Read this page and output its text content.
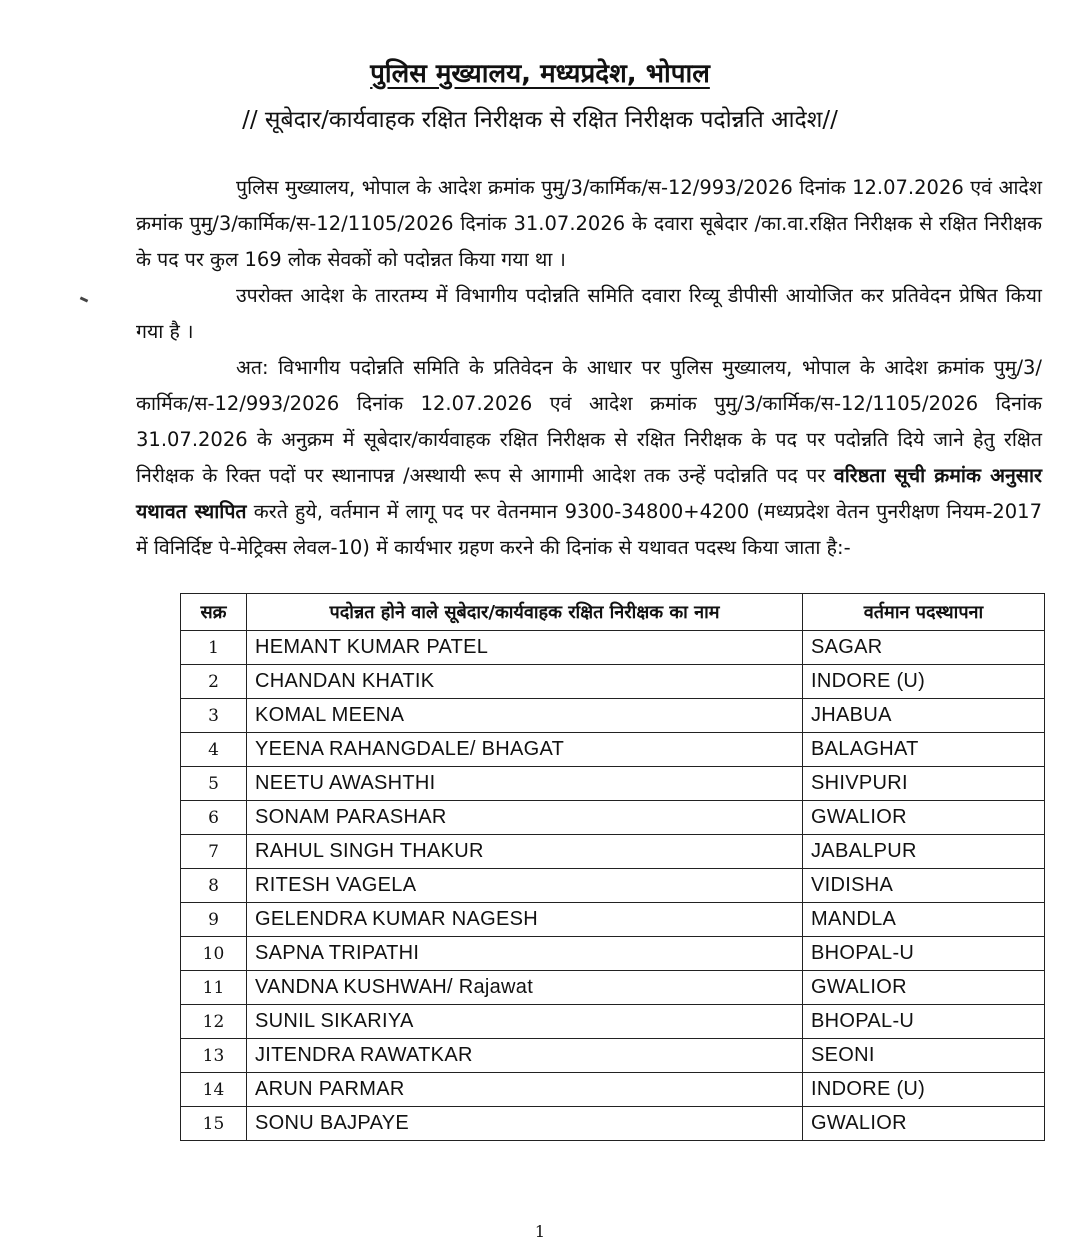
पुलिस मुख्यालय, मध्यप्रदेश, भोपाल
// सूबेदार/कार्यवाहक रक्षित निरीक्षक से रक्षित निरीक्षक पदोन्नति आदेश//

पुलिस मुख्यालय, भोपाल के आदेश क्रमांक पुमु/3/कार्मिक/स-12/993/2026 दिनांक 12.07.2026 एवं आदेश क्रमांक पुमु/3/कार्मिक/स-12/1105/2026 दिनांक 31.07.2026 के दवारा सूबेदार /का.वा.रक्षित निरीक्षक से रक्षित निरीक्षक के पद पर कुल 169 लोक सेवकों को पदोन्नत किया गया था ।

उपरोक्त आदेश के तारतम्य में विभागीय पदोन्नति समिति दवारा रिव्यू डीपीसी आयोजित कर प्रतिवेदन प्रेषित किया गया है ।

अत: विभागीय पदोन्नति समिति के प्रतिवेदन के आधार पर पुलिस मुख्यालय, भोपाल के आदेश क्रमांक पुमु/3/कार्मिक/स-12/993/2026 दिनांक 12.07.2026 एवं आदेश क्रमांक पुमु/3/कार्मिक/स-12/1105/2026 दिनांक 31.07.2026 के अनुक्रम में सूबेदार/कार्यवाहक रक्षित निरीक्षक से रक्षित निरीक्षक के पद पर पदोन्नति दिये जाने हेतु रक्षित निरीक्षक के रिक्त पदों पर स्थानापन्न /अस्थायी रूप से आगामी आदेश तक उन्हें पदोन्नति पद पर वरिष्ठता सूची क्रमांक अनुसार यथावत स्थापित करते हुये, वर्तमान में लागू पद पर वेतनमान 9300-34800+4200 (मध्यप्रदेश वेतन पुनरीक्षण नियम-2017 में विनिर्दिष्ट पे-मेट्रिक्स लेवल-10) में कार्यभार ग्रहण करने की दिनांक से यथावत पदस्थ किया जाता है:-

सक्र	पदोन्नत होने वाले सूबेदार/कार्यवाहक रक्षित निरीक्षक का नाम	वर्तमान पदस्थापना
1	HEMANT KUMAR PATEL	SAGAR
2	CHANDAN KHATIK	INDORE (U)
3	KOMAL MEENA	JHABUA
4	YEENA RAHANGDALE/ BHAGAT	BALAGHAT
5	NEETU AWASHTHI	SHIVPURI
6	SONAM PARASHAR	GWALIOR
7	RAHUL SINGH THAKUR	JABALPUR
8	RITESH VAGELA	VIDISHA
9	GELENDRA KUMAR NAGESH	MANDLA
10	SAPNA TRIPATHI	BHOPAL-U
11	VANDNA KUSHWAH/ Rajawat	GWALIOR
12	SUNIL SIKARIYA	BHOPAL-U
13	JITENDRA RAWATKAR	SEONI
14	ARUN PARMAR	INDORE (U)
15	SONU BAJPAYE	GWALIOR
1
